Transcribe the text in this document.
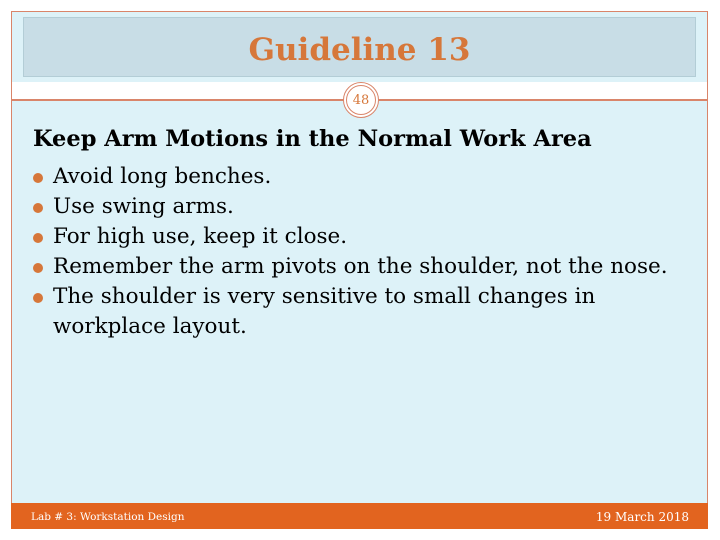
Guideline 13
48
Keep Arm Motions in the Normal Work Area
Avoid long benches.
Use swing arms.
For high use, keep it close.
Remember the arm pivots on the shoulder, not the nose.
The shoulder is very sensitive to small changes in workplace layout.
Lab # 3: Workstation Design	19 March 2018
